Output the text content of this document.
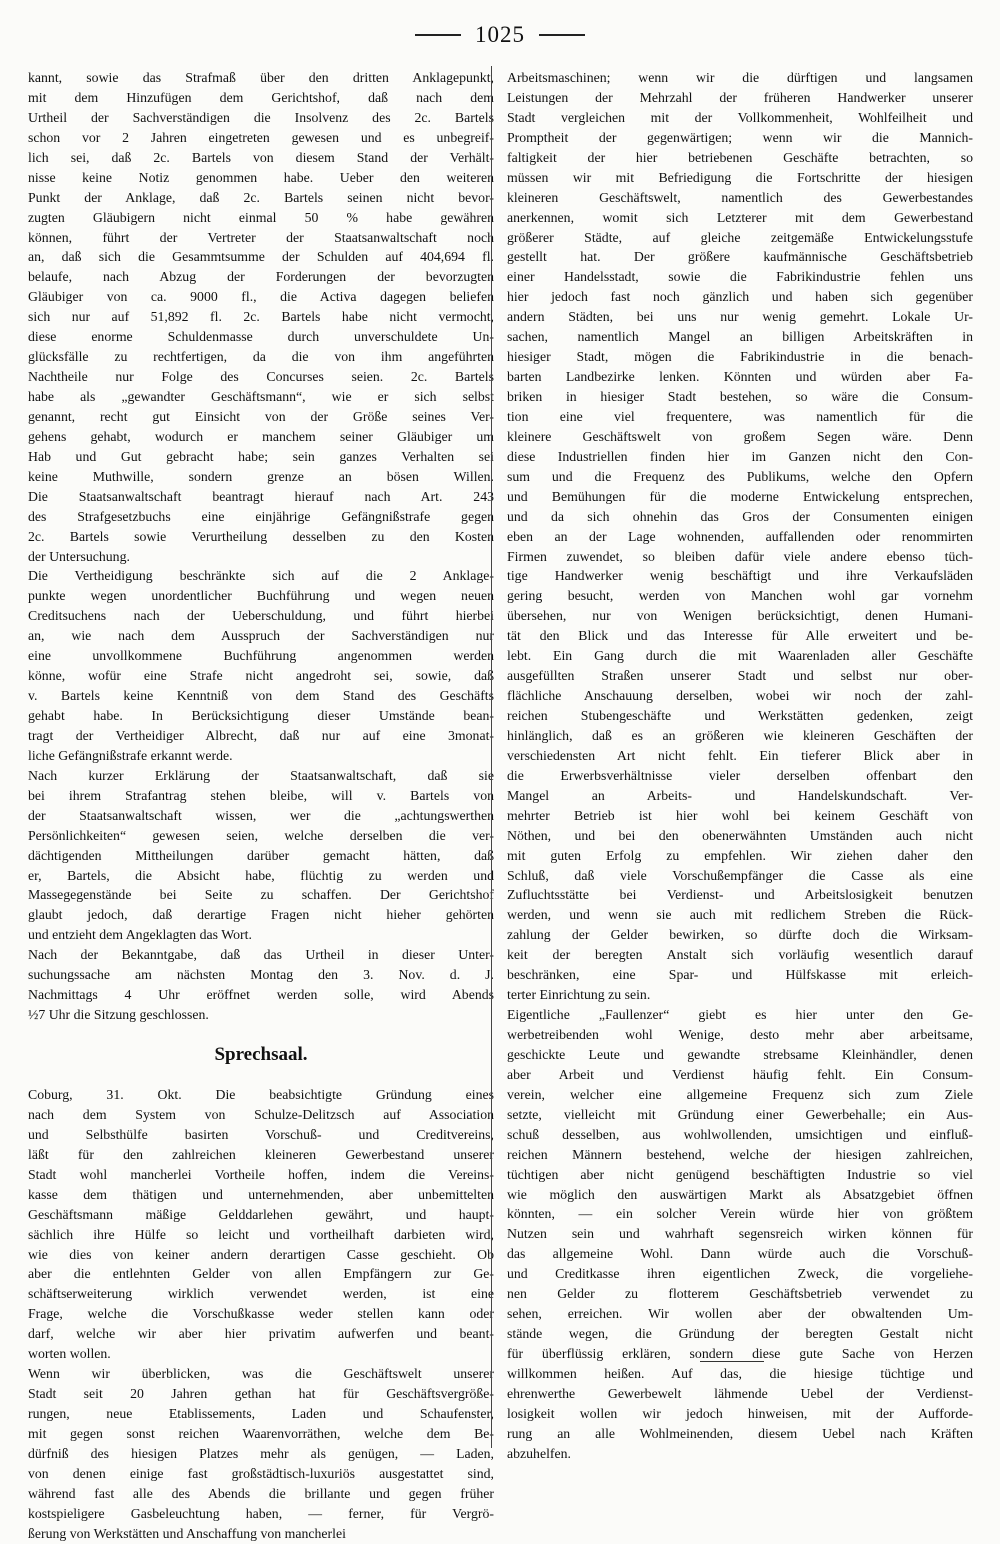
1025
kannt, sowie das Strafmaß über den dritten Anklagepunkt,
mit dem Hinzufügen dem Gerichtshof, daß nach dem
Urtheil der Sachverständigen die Insolvenz des 2c. Bartels
schon vor 2 Jahren eingetreten gewesen und es unbegreif-
lich sei, daß 2c. Bartels von diesem Stand der Verhält-
nisse keine Notiz genommen habe. Ueber den weiteren
Punkt der Anklage, daß 2c. Bartels seinen nicht bevor-
zugten Gläubigern nicht einmal 50 % habe gewähren
können, führt der Vertreter der Staatsanwaltschaft noch
an, daß sich die Gesammtsumme der Schulden auf 404,694 fl.
belaufe, nach Abzug der Forderungen der bevorzugten
Gläubiger von ca. 9000 fl., die Activa dagegen beliefen
sich nur auf 51,892 fl. 2c. Bartels habe nicht vermocht,
diese enorme Schuldenmasse durch unverschuldete Un-
glücksfälle zu rechtfertigen, da die von ihm angeführten
Nachtheile nur Folge des Concurses seien. 2c. Bartels
habe als „gewandter Geschäftsmann“, wie er sich selbst
genannt, recht gut Einsicht von der Größe seines Ver-
gehens gehabt, wodurch er manchem seiner Gläubiger um
Hab und Gut gebracht habe; sein ganzes Verhalten sei
keine Muthwille, sondern grenze an bösen Willen.
Die Staatsanwaltschaft beantragt hierauf nach Art. 243
des Strafgesetzbuchs eine einjährige Gefängnißstrafe gegen
2c. Bartels sowie Verurtheilung desselben zu den Kosten
der Untersuchung.
Die Vertheidigung beschränkte sich auf die 2 Anklage-
punkte wegen unordentlicher Buchführung und wegen neuen
Creditsuchens nach der Ueberschuldung, und führt hierbei
an, wie nach dem Ausspruch der Sachverständigen nur
eine unvollkommene Buchführung angenommen werden
könne, wofür eine Strafe nicht angedroht sei, sowie, daß
v. Bartels keine Kenntniß von dem Stand des Geschäfts
gehabt habe. In Berücksichtigung dieser Umstände bean-
tragt der Vertheidiger Albrecht, daß nur auf eine 3monat-
liche Gefängnißstrafe erkannt werde.
Nach kurzer Erklärung der Staatsanwaltschaft, daß sie
bei ihrem Strafantrag stehen bleibe, will v. Bartels von
der Staatsanwaltschaft wissen, wer die „achtungswerthen
Persönlichkeiten“ gewesen seien, welche derselben die ver-
dächtigenden Mittheilungen darüber gemacht hätten, daß
er, Bartels, die Absicht habe, flüchtig zu werden und
Massegegenstände bei Seite zu schaffen. Der Gerichtshof
glaubt jedoch, daß derartige Fragen nicht hieher gehörten
und entzieht dem Angeklagten das Wort.
Nach der Bekanntgabe, daß das Urtheil in dieser Unter-
suchungssache am nächsten Montag den 3. Nov. d. J.
Nachmittags 4 Uhr eröffnet werden solle, wird Abends
½7 Uhr die Sitzung geschlossen.
Sprechsaal.
Coburg, 31. Okt. Die beabsichtigte Gründung eines
nach dem System von Schulze-Delitzsch auf Association
und Selbsthülfe basirten Vorschuß- und Creditvereins,
läßt für den zahlreichen kleineren Gewerbestand unserer
Stadt wohl mancherlei Vortheile hoffen, indem die Vereins-
kasse dem thätigen und unternehmenden, aber unbemittelten
Geschäftsmann mäßige Gelddarlehen gewährt, und haupt-
sächlich ihre Hülfe so leicht und vortheilhaft darbieten wird,
wie dies von keiner andern derartigen Casse geschieht. Ob
aber die entlehnten Gelder von allen Empfängern zur Ge-
schäftserweiterung wirklich verwendet werden, ist eine
Frage, welche die Vorschußkasse weder stellen kann oder
darf, welche wir aber hier privatim aufwerfen und beant-
worten wollen.
Wenn wir überblicken, was die Geschäftswelt unserer
Stadt seit 20 Jahren gethan hat für Geschäftsvergröße-
rungen, neue Etablissements, Laden und Schaufenster,
mit gegen sonst reichen Waarenvorräthen, welche dem Be-
dürfniß des hiesigen Platzes mehr als genügen, — Laden,
von denen einige fast großstädtisch-luxuriös ausgestattet sind,
während fast alle des Abends die brillante und gegen früher
kostspieligere Gasbeleuchtung haben, — ferner, für Vergrö-
ßerung von Werkstätten und Anschaffung von mancherlei
Arbeitsmaschinen; wenn wir die dürftigen und langsamen
Leistungen der Mehrzahl der früheren Handwerker unserer
Stadt vergleichen mit der Vollkommenheit, Wohlfeilheit und
Promptheit der gegenwärtigen; wenn wir die Mannich-
faltigkeit der hier betriebenen Geschäfte betrachten, so
müssen wir mit Befriedigung die Fortschritte der hiesigen
kleineren Geschäftswelt, namentlich des Gewerbestandes
anerkennen, womit sich Letzterer mit dem Gewerbestand
größerer Städte, auf gleiche zeitgemäße Entwickelungsstufe
gestellt hat. Der größere kaufmännische Geschäftsbetrieb
einer Handelsstadt, sowie die Fabrikindustrie fehlen uns
hier jedoch fast noch gänzlich und haben sich gegenüber
andern Städten, bei uns nur wenig gemehrt. Lokale Ur-
sachen, namentlich Mangel an billigen Arbeitskräften in
hiesiger Stadt, mögen die Fabrikindustrie in die benach-
barten Landbezirke lenken. Könnten und würden aber Fa-
briken in hiesiger Stadt bestehen, so wäre die Consum-
tion eine viel frequentere, was namentlich für die
kleinere Geschäftswelt von großem Segen wäre. Denn
diese Industriellen finden hier im Ganzen nicht den Con-
sum und die Frequenz des Publikums, welche den Opfern
und Bemühungen für die moderne Entwickelung entsprechen,
und da sich ohnehin das Gros der Consumenten einigen
eben an der Lage wohnenden, auffallenden oder renommirten
Firmen zuwendet, so bleiben dafür viele andere ebenso tüch-
tige Handwerker wenig beschäftigt und ihre Verkaufsläden
gering besucht, werden von Manchen wohl gar vornehm
übersehen, nur von Wenigen berücksichtigt, denen Humani-
tät den Blick und das Interesse für Alle erweitert und be-
lebt. Ein Gang durch die mit Waarenladen aller Geschäfte
ausgefüllten Straßen unserer Stadt und selbst nur ober-
flächliche Anschauung derselben, wobei wir noch der zahl-
reichen Stubengeschäfte und Werkstätten gedenken, zeigt
hinlänglich, daß es an größeren wie kleineren Geschäften der
verschiedensten Art nicht fehlt. Ein tieferer Blick aber in
die Erwerbsverhältnisse vieler derselben offenbart den
Mangel an Arbeits- und Handelskundschaft. Ver-
mehrter Betrieb ist hier wohl bei keinem Geschäft von
Nöthen, und bei den obenerwähnten Umständen auch nicht
mit guten Erfolg zu empfehlen. Wir ziehen daher den
Schluß, daß viele Vorschußempfänger die Casse als eine
Zufluchtsstätte bei Verdienst- und Arbeitslosigkeit benutzen
werden, und wenn sie auch mit redlichem Streben die Rück-
zahlung der Gelder bewirken, so dürfte doch die Wirksam-
keit der beregten Anstalt sich vorläufig wesentlich darauf
beschränken, eine Spar- und Hülfskasse mit erleich-
terter Einrichtung zu sein.
Eigentliche „Faullenzer“ giebt es hier unter den Ge-
werbetreibenden wohl Wenige, desto mehr aber arbeitsame,
geschickte Leute und gewandte strebsame Kleinhändler, denen
aber Arbeit und Verdienst häufig fehlt. Ein Consum-
verein, welcher eine allgemeine Frequenz sich zum Ziele
setzte, vielleicht mit Gründung einer Gewerbehalle; ein Aus-
schuß desselben, aus wohlwollenden, umsichtigen und einfluß-
reichen Männern bestehend, welche der hiesigen zahlreichen,
tüchtigen aber nicht genügend beschäftigten Industrie so viel
wie möglich den auswärtigen Markt als Absatzgebiet öffnen
könnten, — ein solcher Verein würde hier von größtem
Nutzen sein und wahrhaft segensreich wirken können für
das allgemeine Wohl. Dann würde auch die Vorschuß-
und Creditkasse ihren eigentlichen Zweck, die vorgeliehe-
nen Gelder zu flotterem Geschäftsbetrieb verwendet zu
sehen, erreichen. Wir wollen aber der obwaltenden Um-
stände wegen, die Gründung der beregten Gestalt nicht
für überflüssig erklären, sondern diese gute Sache von Herzen
willkommen heißen. Auf das, die hiesige tüchtige und
ehrenwerthe Gewerbewelt lähmende Uebel der Verdienst-
losigkeit wollen wir jedoch hinweisen, mit der Aufforde-
rung an alle Wohlmeinenden, diesem Uebel nach Kräften
abzuhelfen.
